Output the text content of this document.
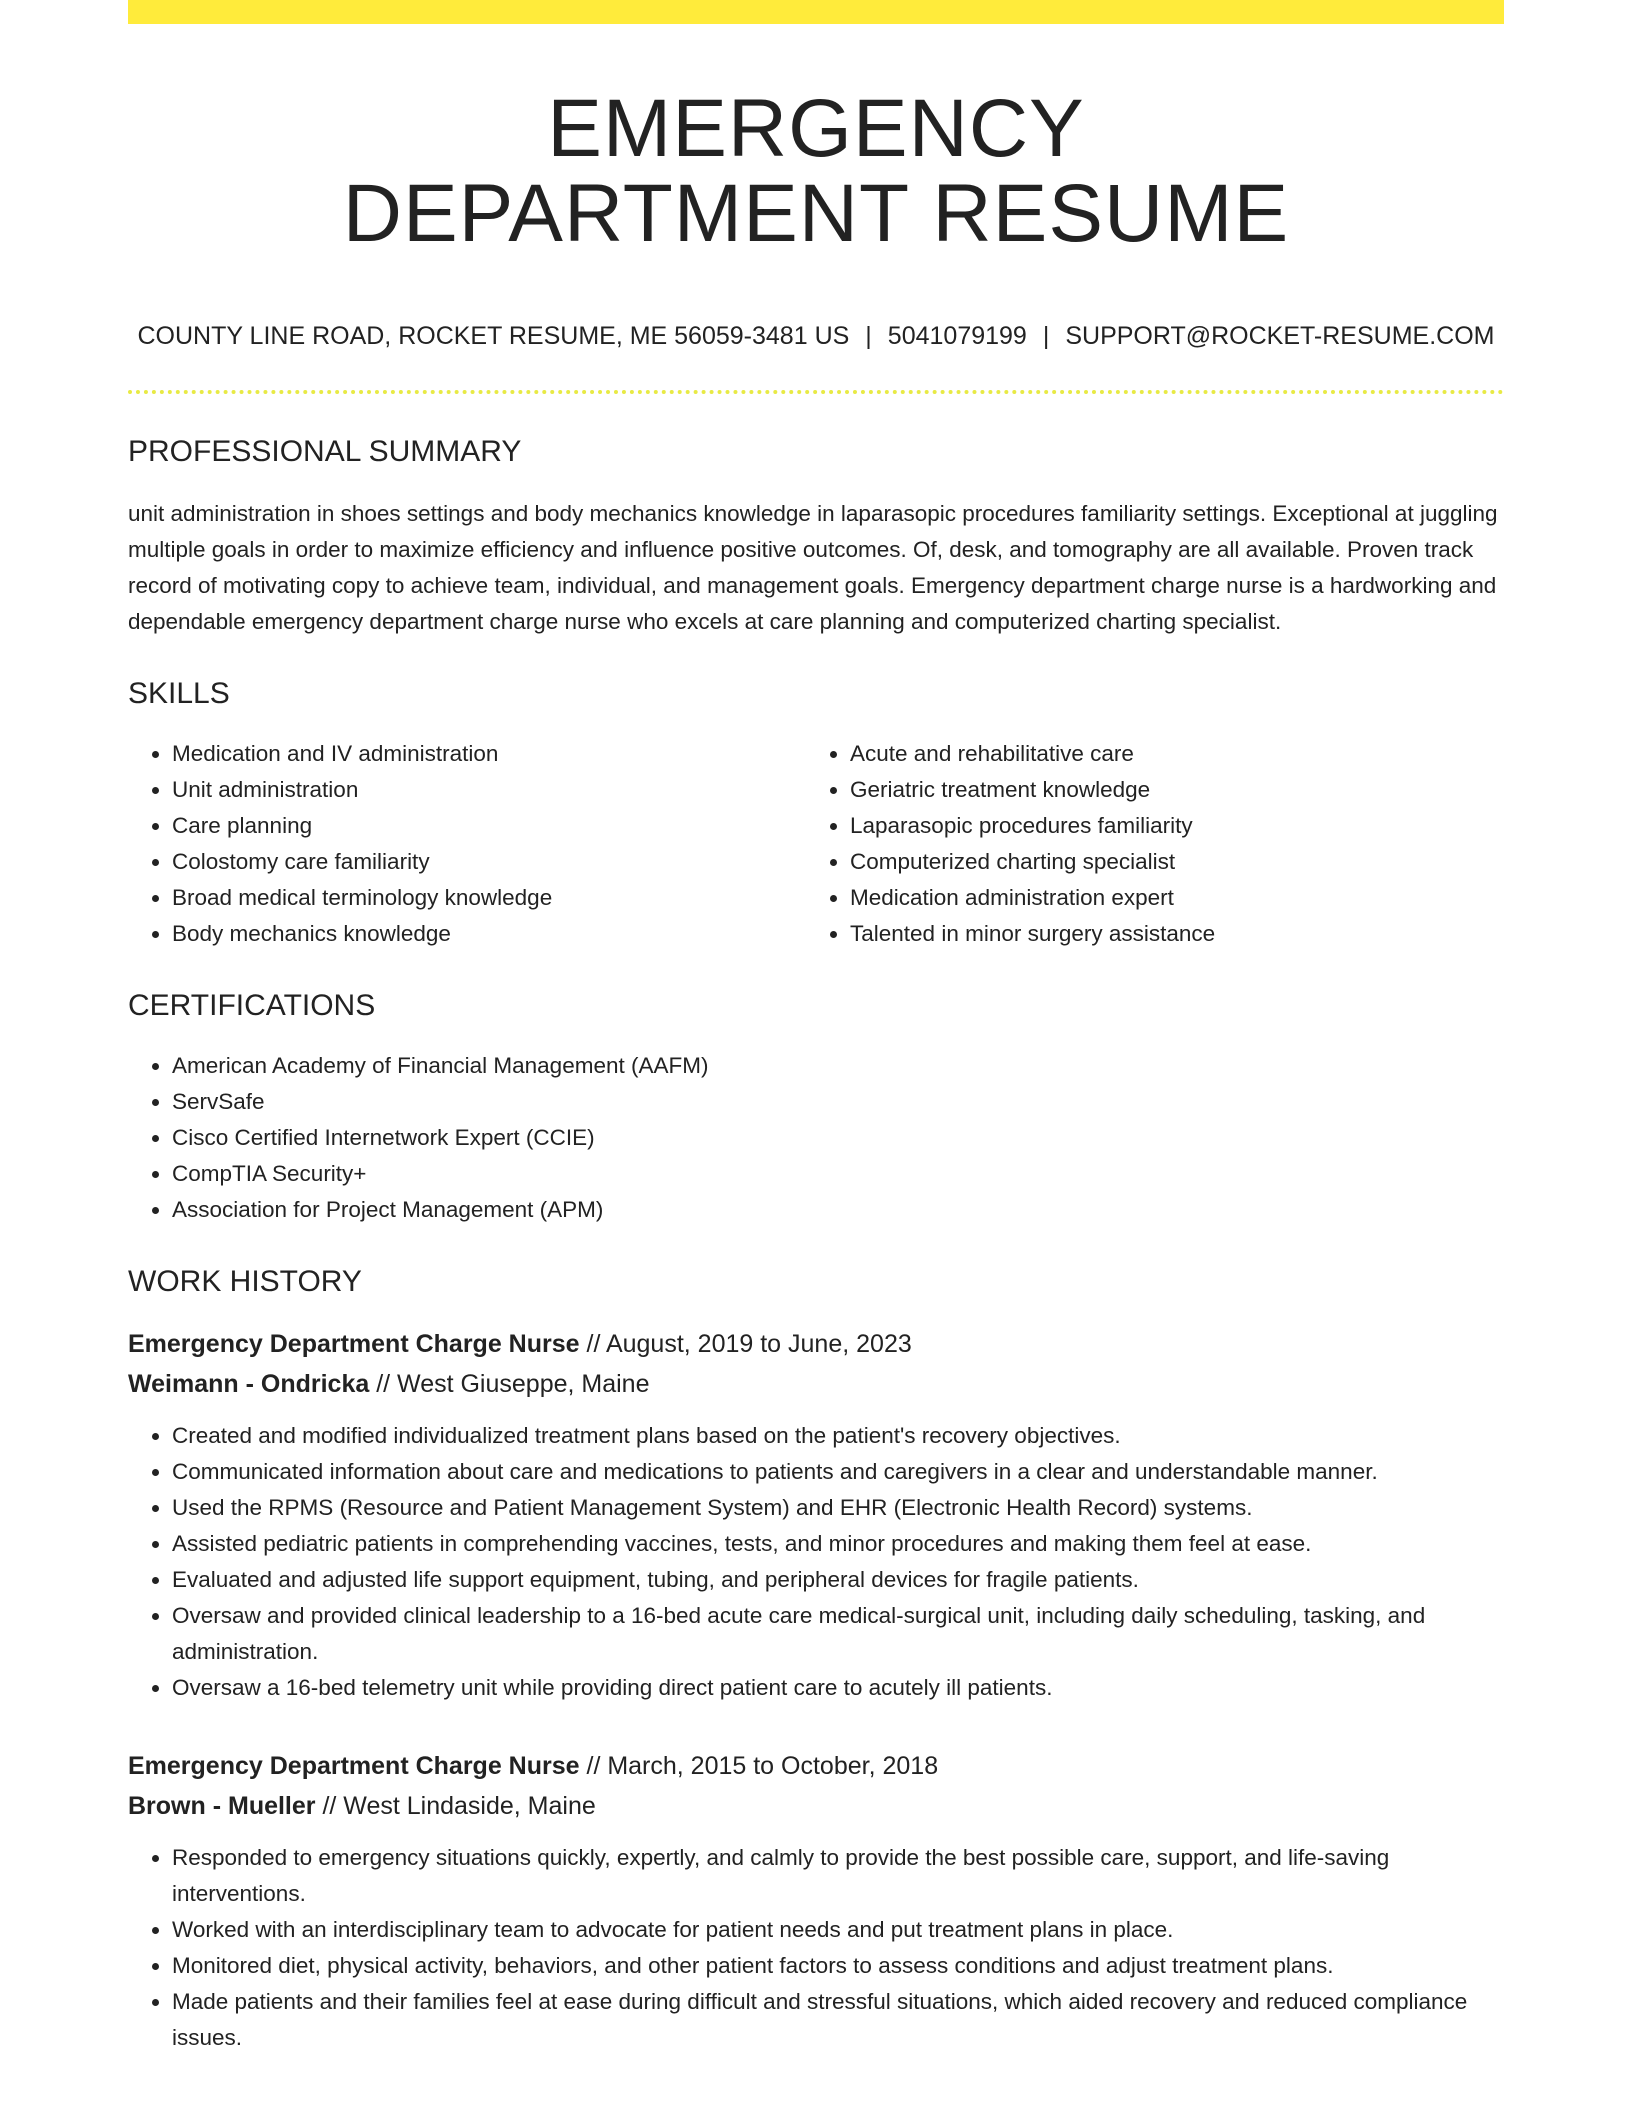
EMERGENCY
DEPARTMENT RESUME
COUNTY LINE ROAD, ROCKET RESUME, ME 56059-3481 US | 5041079199 | SUPPORT@ROCKET-RESUME.COM
PROFESSIONAL SUMMARY

unit administration in shoes settings and body mechanics knowledge in laparasopic procedures familiarity settings. Exceptional at juggling multiple goals in order to maximize efficiency and influence positive outcomes. Of, desk, and tomography are all available. Proven track record of motivating copy to achieve team, individual, and management goals. Emergency department charge nurse is a hardworking and dependable emergency department charge nurse who excels at care planning and computerized charting specialist.

SKILLS
• Medication and IV administration
• Unit administration
• Care planning
• Colostomy care familiarity
• Broad medical terminology knowledge
• Body mechanics knowledge
• Acute and rehabilitative care
• Geriatric treatment knowledge
• Laparasopic procedures familiarity
• Computerized charting specialist
• Medication administration expert
• Talented in minor surgery assistance
CERTIFICATIONS
• American Academy of Financial Management (AAFM)
• ServSafe
• Cisco Certified Internetwork Expert (CCIE)
• CompTIA Security+
• Association for Project Management (APM)
WORK HISTORY
Emergency Department Charge Nurse // August, 2019 to June, 2023
Weimann - Ondricka // West Giuseppe, Maine
• Created and modified individualized treatment plans based on the patient's recovery objectives.
• Communicated information about care and medications to patients and caregivers in a clear and understandable manner.
• Used the RPMS (Resource and Patient Management System) and EHR (Electronic Health Record) systems.
• Assisted pediatric patients in comprehending vaccines, tests, and minor procedures and making them feel at ease.
• Evaluated and adjusted life support equipment, tubing, and peripheral devices for fragile patients.
• Oversaw and provided clinical leadership to a 16-bed acute care medical-surgical unit, including daily scheduling, tasking, and administration.
• Oversaw a 16-bed telemetry unit while providing direct patient care to acutely ill patients.
Emergency Department Charge Nurse // March, 2015 to October, 2018
Brown - Mueller // West Lindaside, Maine
• Responded to emergency situations quickly, expertly, and calmly to provide the best possible care, support, and life-saving interventions.
• Worked with an interdisciplinary team to advocate for patient needs and put treatment plans in place.
• Monitored diet, physical activity, behaviors, and other patient factors to assess conditions and adjust treatment plans.
• Made patients and their families feel at ease during difficult and stressful situations, which aided recovery and reduced compliance issues.
